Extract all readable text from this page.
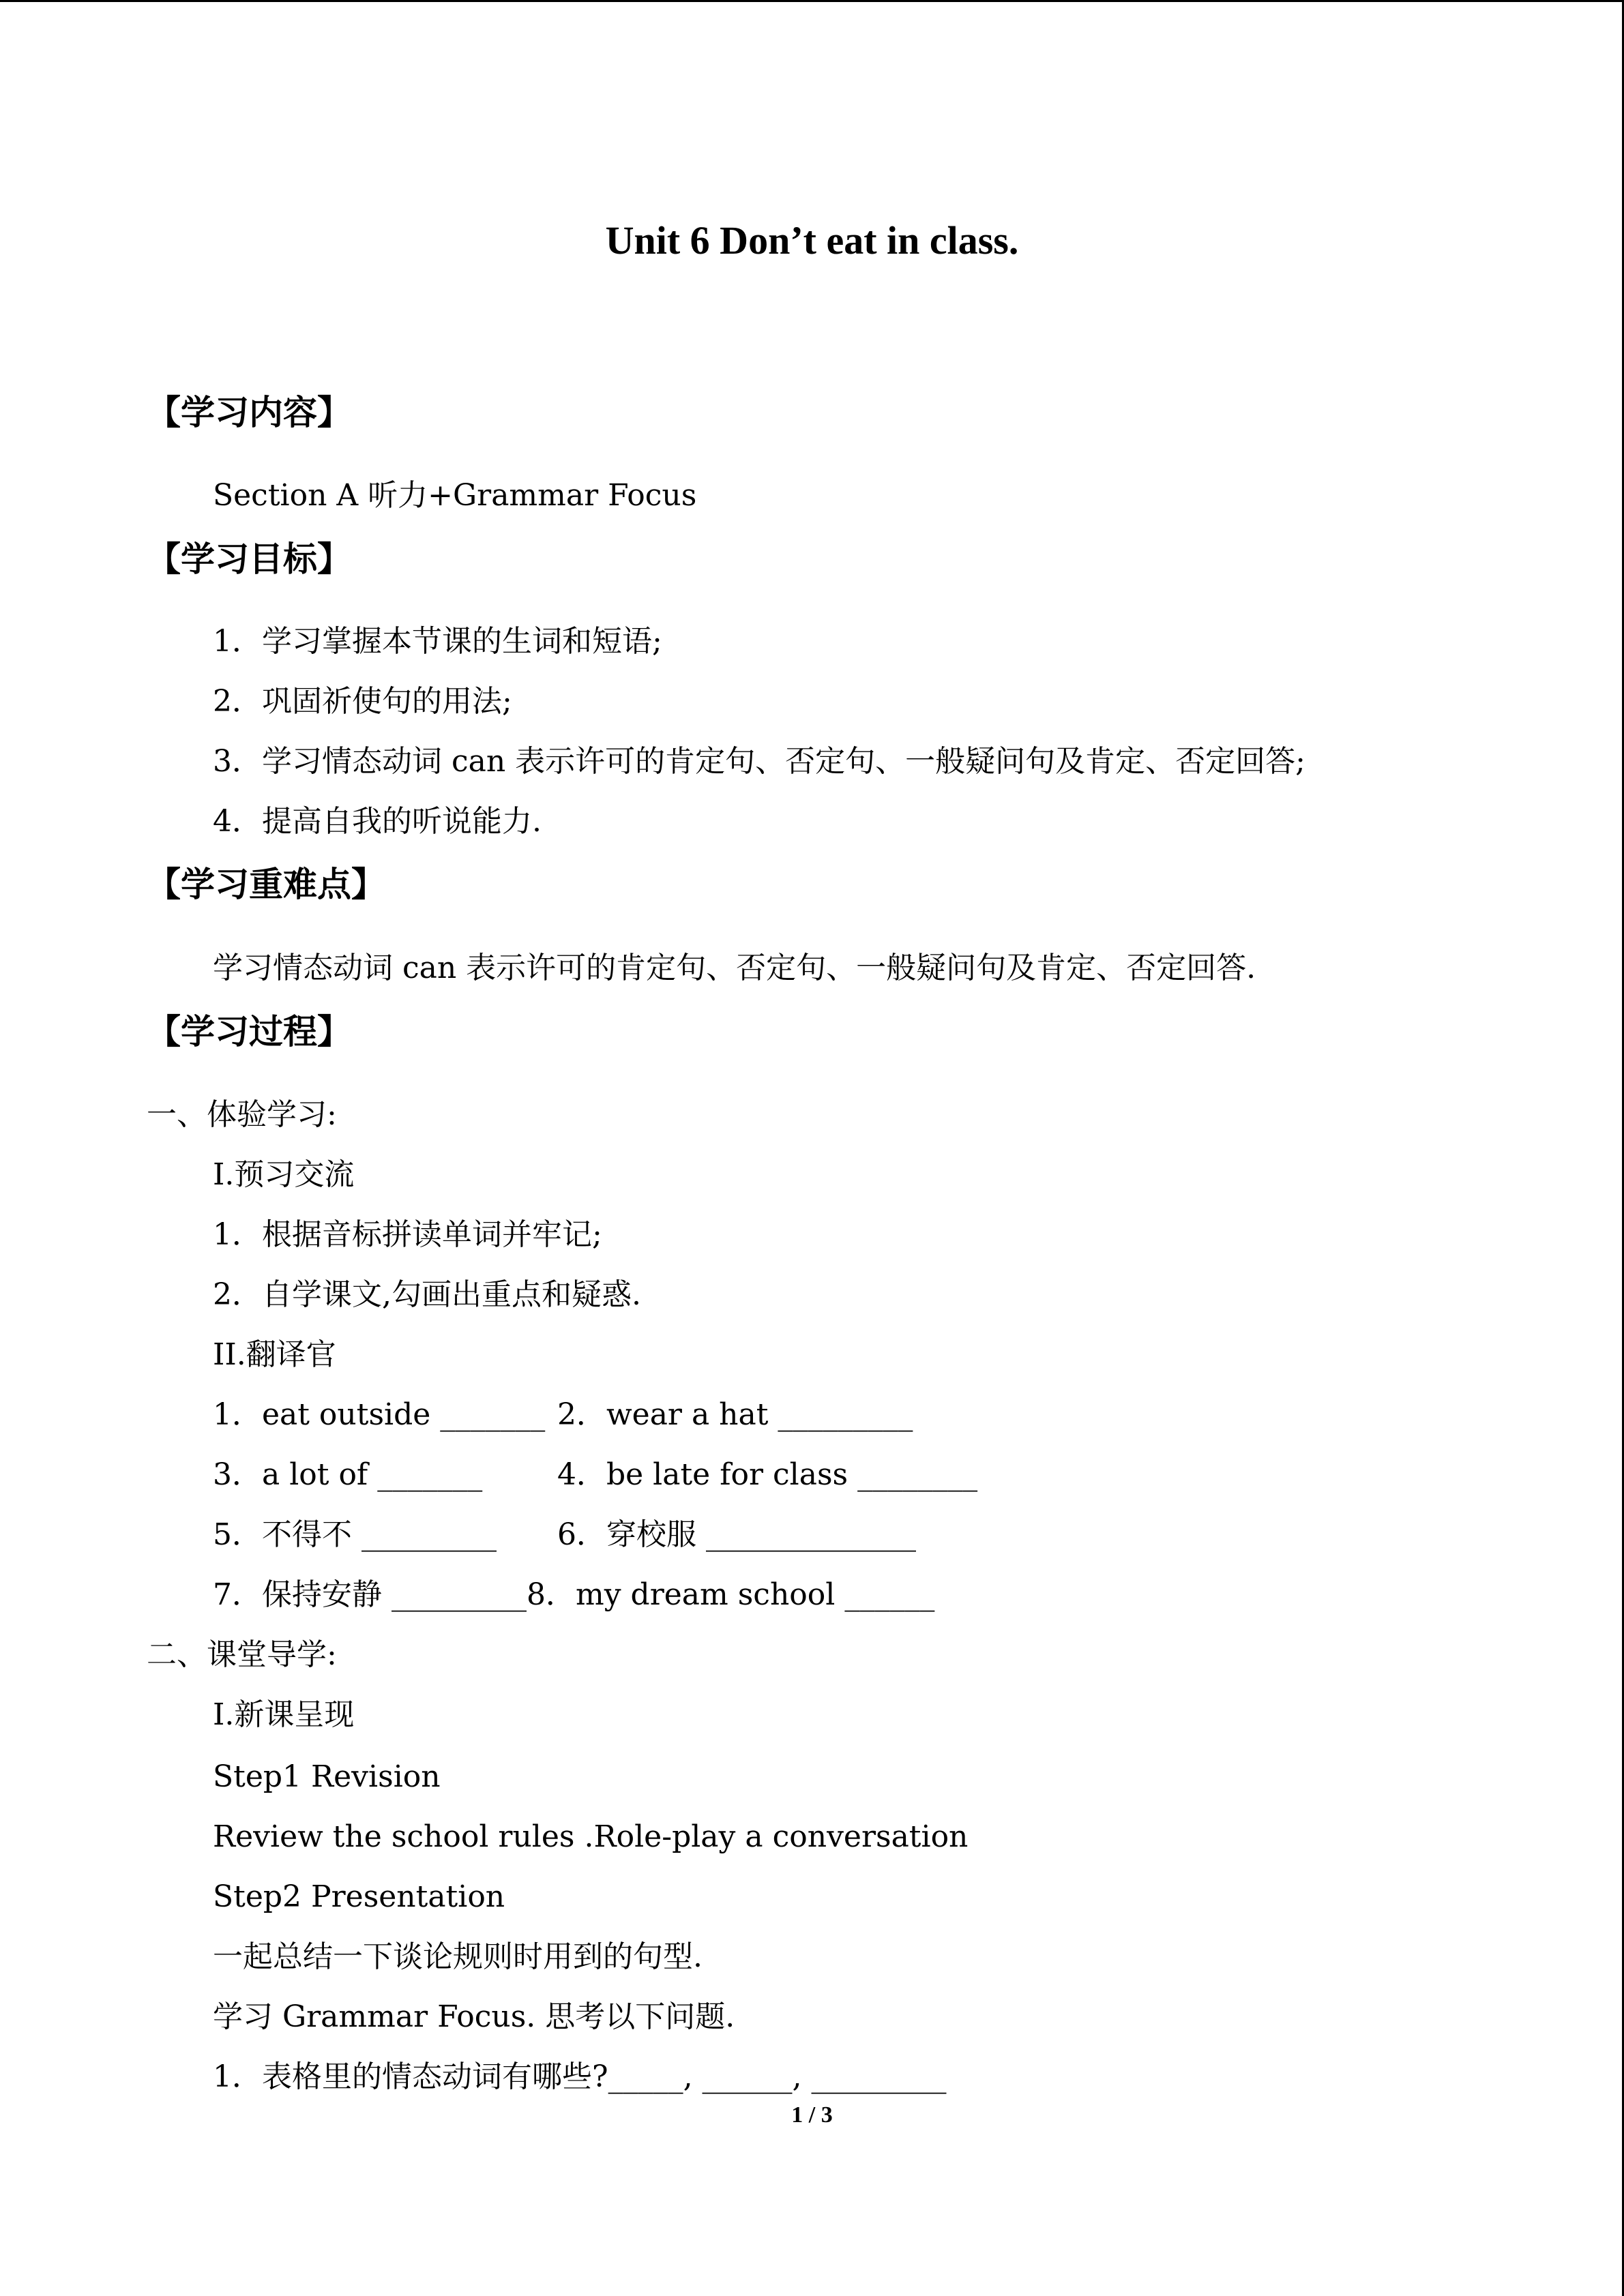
Unit 6 Don’t eat in class.
【学习内容】
Section A 听力+Grammar Focus
【学习目标】
1．学习掌握本节课的生词和短语;
2．巩固祈使句的用法;
3．学习情态动词 can 表示许可的肯定句、否定句、一般疑问句及肯定、否定回答;
4．提高自我的听说能力.
【学习重难点】
学习情态动词 can 表示许可的肯定句、否定句、一般疑问句及肯定、否定回答.
【学习过程】
一、体验学习:
I.预习交流
1．根据音标拼读单词并牢记;
2．自学课文,勾画出重点和疑惑.
II.翻译官
1．eat outside _______ 2．wear a hat _________
3．a lot of _______ 4．be late for class ________
5．不得不 _________ 6．穿校服 ______________
7．保持安静 _________8．my dream school ______
二、课堂导学:
I.新课呈现
Step1 Revision
Review the school rules .Role-play a conversation
Step2 Presentation
一起总结一下谈论规则时用到的句型.
学习 Grammar Focus. 思考以下问题.
1．表格里的情态动词有哪些?_____, ______, _________
1 / 3
